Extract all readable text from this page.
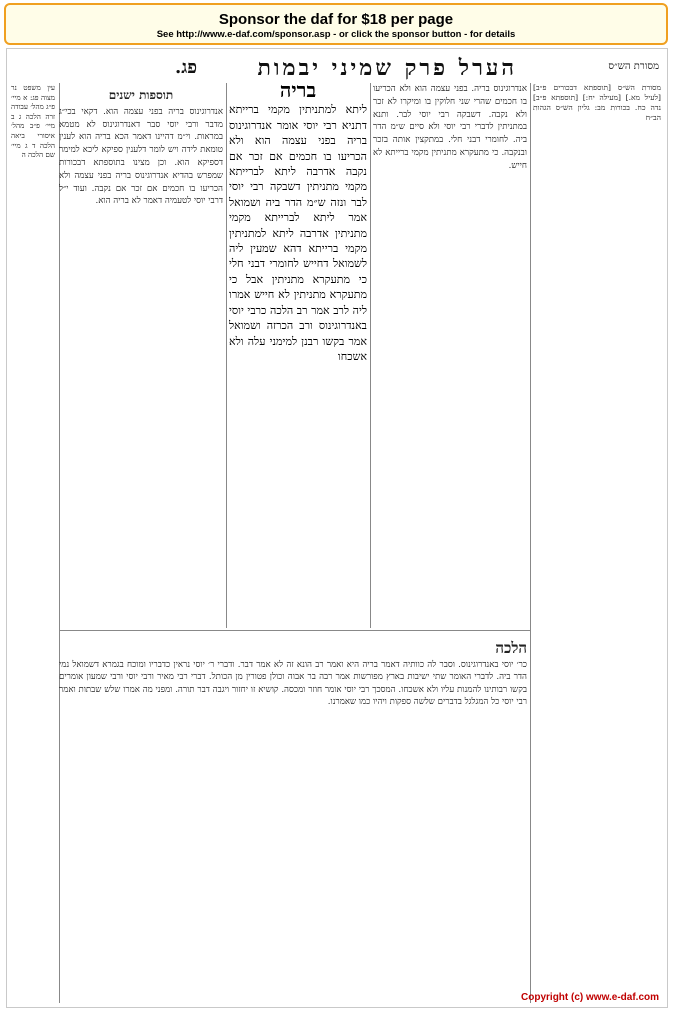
Sponsor the daf for $18 per page
See http://www.e-daf.com/sponsor.asp - or click the sponsor button - for details
מסורת הש״ס
הערל פרק שמיני יבמות
פג.
אנדרוגינוס בריה. בפני עצמה הוא ולא הכריעו בו חכמים שהרי שני חלוקין בו ומיקרו לא זכר ולא נקבה. דשבקה רבי יוסי לבר. ותנא במתניתין לדברי רבי יוסי ולא סיים ש״מ הדר ביה. לחומרי דבני חלי. במתקצין אותה בזכר ובנקבה. כי מתעקרא מתניתין מקמי ברייתא לא חייש.
בריה
ליתא למתניתין מקמי ברייתא דתניא רבי יוסי אומר אנדרוגינוס בריה בפני עצמה הוא ולא הכריעו בו חכמים אם זכר אם נקבה אדרבה ליתא לברייתא מקמי מתניתין דשבקה רבי יוסי לבר ונזה ש״מ הדר ביה ושמואל אמר ליתא לברייתא מקמי מתניתין אדרבה ליתא למתניתין מקמי ברייתא דהא שמעין ליה לשמואל דחייש לחומרי דבני חלי כי מתעקרא מתניתין אבל כי מתעקרא מתניתין לא חייש אמרו ליה לרב אמר רב הלכה כרבי יוסי באנדרוגינוס ורב הכרזה ושמואל אמר בקשו רבנן למימני עלה ולא אשכחו
תוספות ישנים
אנדרוגינוס בריה בפני עצמה הוא. דקאי בכי״ג מדבר ורבי יוסי סבר דאנדרוגינוס לא מטמא במראות. וי״מ דהיינו דאמר הכא בריה הוא לענין טומאת לידה ויש לומר דלענין ספיקא ליכא למימר דספיקא הוא. וכן מצינו בתוספתא דבכורות שמפרש בהדיא אנדרוגינוס בריה בפני עצמה ולא הכריעו בו חכמים אם זכר אם נקבה. ועוד י״ל דרבי יוסי לטעמיה דאמר לא בריה הוא.
עין משפט נר מצוה פג: א מיי׳ פ״ג מהל׳ עבודה זרה הלכה ג ב מיי׳ פ״ב מהל׳ איסורי ביאה הלכה ד ג מיי׳ שם הלכה ה
מסורת הש״ס [תוספתא דבכורים פ״ב] [לעיל מא.] [מעילה יח:] [תוספתא פ״ב] נדה כח. בכורות מב: גליון הש״ס הגהות הב״ח
הלכה
כר׳ יוסי באנדרוגינוס. וסבר לה כוותיה דאמר בריה היא ואמר רב הונא זה לא אמר דבר. ודברי ר׳ יוסי נראין כדבריו ומוכח בגמרא דשמואל נמי הדר ביה. לדברי האומר שתי ישיבות בארץ מפורשות אמר רבה בר אבוה וכולן פטורין מן הכותל. דברי רבי מאיר ורבי יוסי ורבי שמעון אומרים בקשו רבותינו להמנות עליו ולא אשכחו. המסכך רבי יוסי אומר חוזר ומכסה. קושיא זו יחזור ויגבה דבר תורה. ומפני מה אמרו שלש שבתות ואמר רבי יוסי כל המגלגל בדברים שלשה ספקות ויהיו כמו שאמרנו.
Copyright (c) www.e-daf.com
